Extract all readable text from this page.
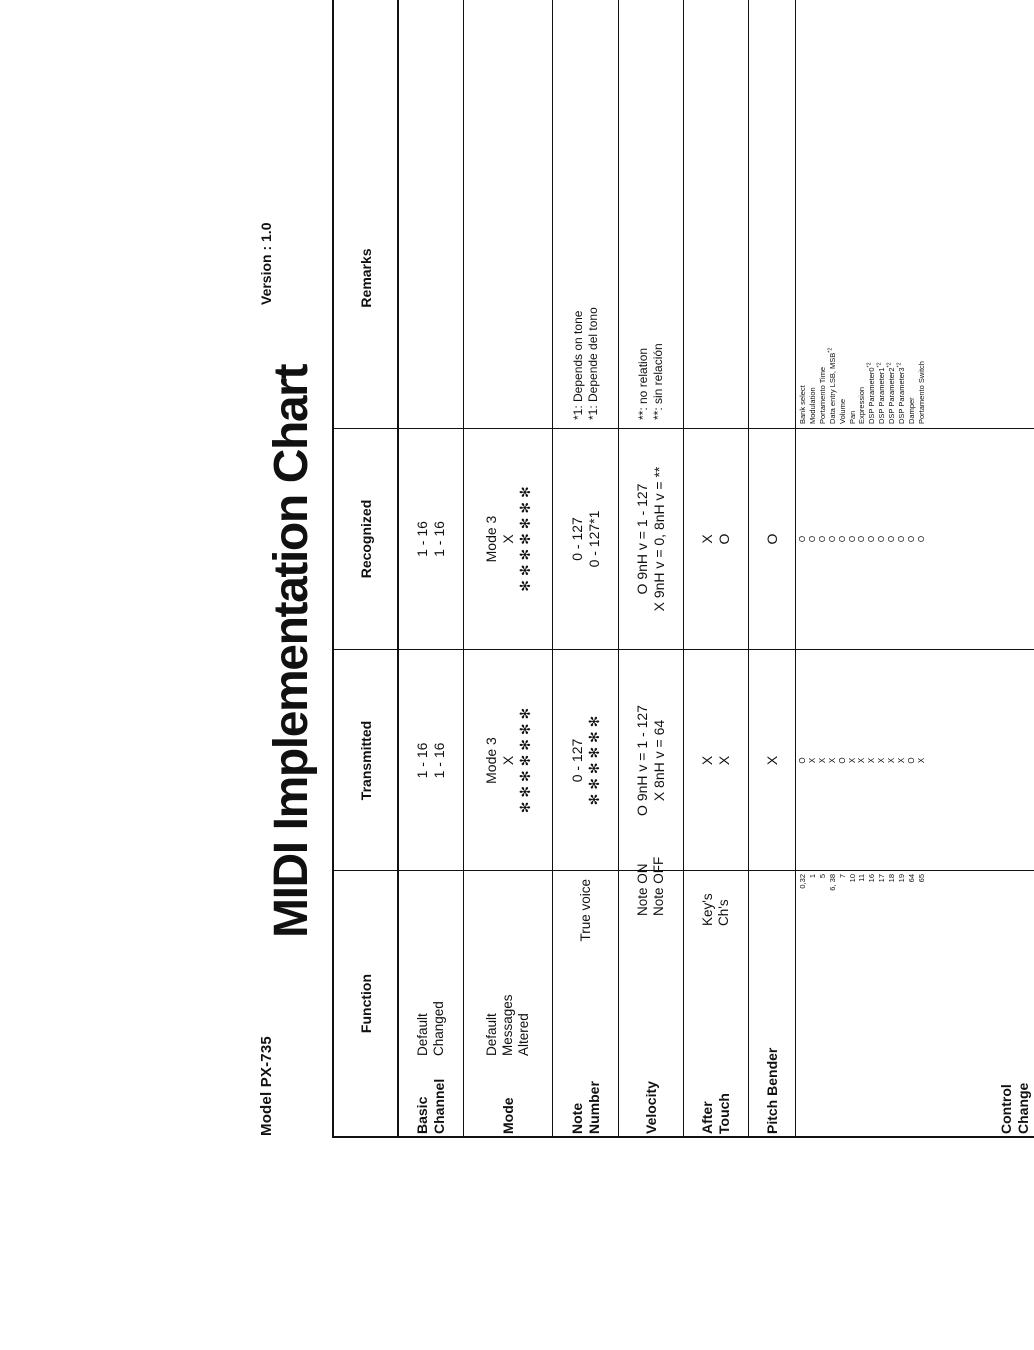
Model PX-735
MIDI Implementation Chart
Version : 1.0
Function
Transmitted
Recognized
Remarks
Basic Channel
Default Changed
1 - 16 1 - 16
1 - 16 1 - 16
Mode
Default Messages Altered
Mode 3 X ✻ ✻ ✻ ✻ ✻ ✻ ✻
Mode 3 X ✻ ✻ ✻ ✻ ✻ ✻ ✻
Note Number
True voice
0 - 127 ✻ ✻ ✻ ✻ ✻ ✻
0 - 127 0 - 127*1
*1: Depends on tone *1: Depende del tono
Velocity
Note ON Note OFF
O 9nH v = 1 - 127 X 8nH v = 64
O 9nH v = 1 - 127 X 9nH v = 0, 8nH v = **
**: no relation **: sin relación
After Touch
Key's Ch's
X X
X O
Pitch Bender
X
O
Control Change
0,32 1 5 6, 38 7 10 11 16 17 18 19 64 65
O X X X O X X X X X X O X
O O O O O O O O O O O O O
Bank select Modulation Portamento Time Data entry LSB, MSB$^{*2}$
Volume Pan Expression DSP Parameter0$^{*2}$
DSP Parameter1$^{*2}$
DSP Parameter2$^{*2}$
DSP Parameter3$^{*2}$
Damper Portamento Switch
